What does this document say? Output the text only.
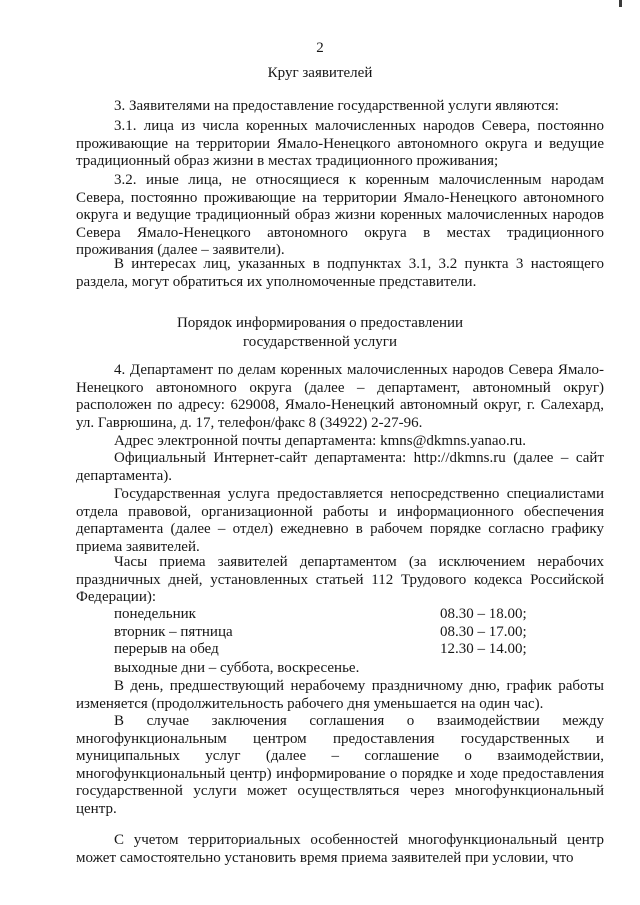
2
Круг заявителей

3. Заявителями на предоставление государственной услуги являются:

3.1. лица из числа коренных малочисленных народов Севера, постоянно проживающие на территории Ямало-Ненецкого автономного округа и ведущие традиционный образ жизни в местах традиционного проживания;

3.2. иные лица, не относящиеся к коренным малочисленным народам Севера, постоянно проживающие на территории Ямало-Ненецкого автономного округа и ведущие традиционный образ жизни коренных малочисленных народов Севера Ямало-Ненецкого автономного округа в местах традиционного проживания (далее – заявители).

В интересах лиц, указанных в подпунктах 3.1, 3.2 пункта 3 настоящего раздела, могут обратиться их уполномоченные представители.

Порядок информирования о предоставлении
государственной услуги

4. Департамент по делам коренных малочисленных народов Севера Ямало-Ненецкого автономного округа (далее – департамент, автономный округ) расположен по адресу: 629008, Ямало-Ненецкий автономный округ, г. Салехард, ул. Гаврюшина, д. 17, телефон/факс 8 (34922) 2-27-96.

Адрес электронной почты департамента: kmns@dkmns.yanao.ru.

Официальный Интернет-сайт департамента: http://dkmns.ru (далее – сайт департамента).

Государственная услуга предоставляется непосредственно специалистами отдела правовой, организационной работы и информационного обеспечения департамента (далее – отдел) ежедневно в рабочем порядке согласно графику приема заявителей.

Часы приема заявителей департаментом (за исключением нерабочих праздничных дней, установленных статьей 112 Трудового кодекса Российской Федерации):

понедельник	08.30 – 18.00;
вторник – пятница	08.30 – 17.00;
перерыв на обед	12.30 – 14.00;
выходные дни – суббота, воскресенье.

В день, предшествующий нерабочему праздничному дню, график работы изменяется (продолжительность рабочего дня уменьшается на один час).

В случае заключения соглашения о взаимодействии между многофункциональным центром предоставления государственных и муниципальных услуг (далее – соглашение о взаимодействии, многофункциональный центр) информирование о порядке и ходе предоставления государственной услуги может осуществляться через многофункциональный центр.

С учетом территориальных особенностей многофункциональный центр может самостоятельно установить время приема заявителей при условии, что
